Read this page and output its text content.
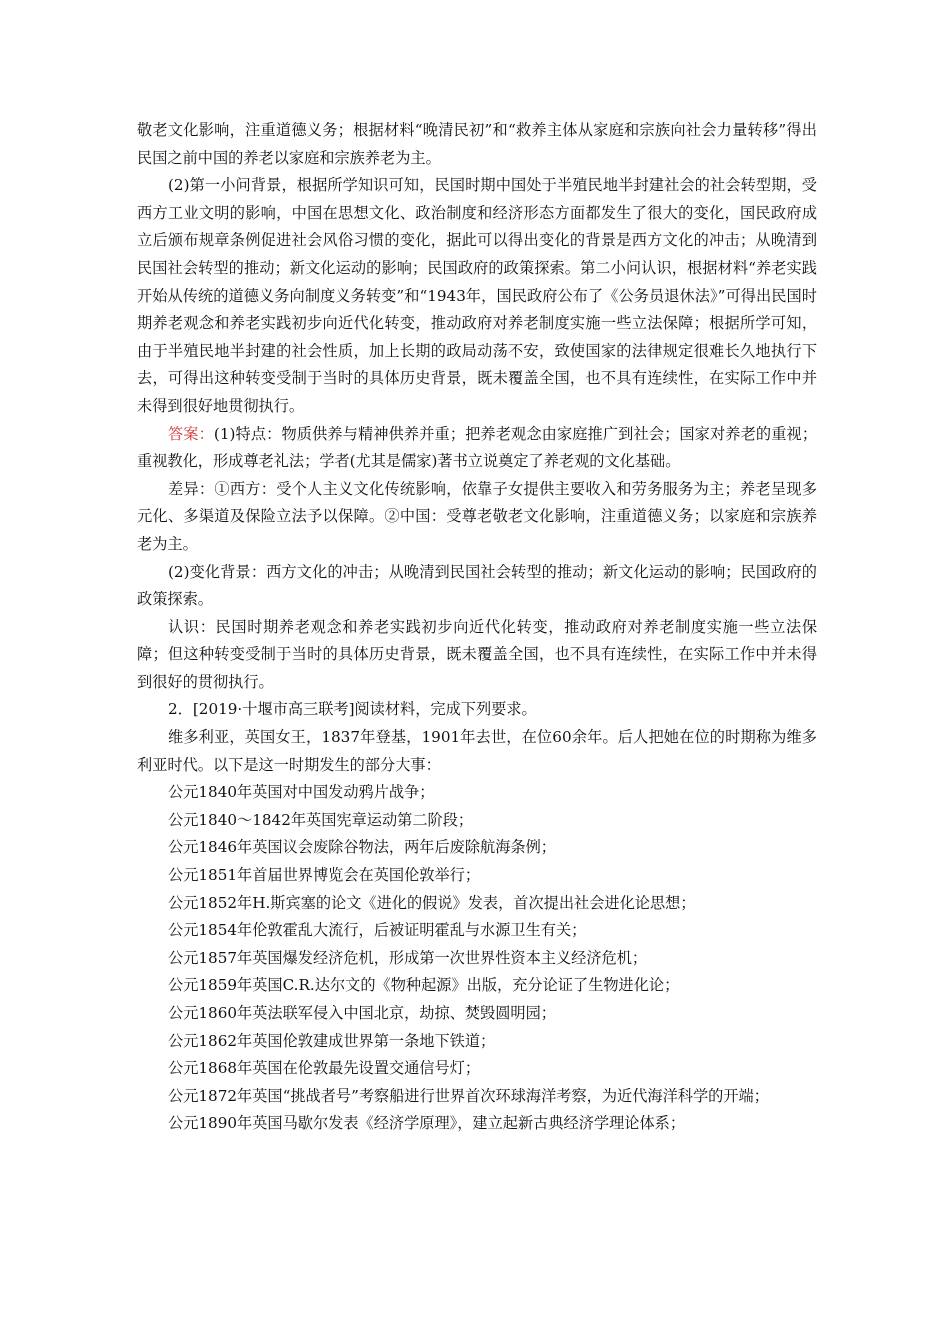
敬老文化影响，注重道德义务；根据材料“晚清民初”和“救养主体从家庭和宗族向社会力量转移”得出民国之前中国的养老以家庭和宗族养老为主。

(2)第一小问背景，根据所学知识可知，民国时期中国处于半殖民地半封建社会的社会转型期，受西方工业文明的影响，中国在思想文化、政治制度和经济形态方面都发生了很大的变化，国民政府成立后颁布规章条例促进社会风俗习惯的变化，据此可以得出变化的背景是西方文化的冲击；从晚清到民国社会转型的推动；新文化运动的影响；民国政府的政策探索。第二小问认识，根据材料“养老实践开始从传统的道德义务向制度义务转变”和“1943年，国民政府公布了《公务员退休法》”可得出民国时期养老观念和养老实践初步向近代化转变，推动政府对养老制度实施一些立法保障；根据所学可知，由于半殖民地半封建的社会性质，加上长期的政局动荡不安，致使国家的法律规定很难长久地执行下去，可得出这种转变受制于当时的具体历史背景，既未覆盖全国，也不具有连续性，在实际工作中并未得到很好地贯彻执行。

答案：(1)特点：物质供养与精神供养并重；把养老观念由家庭推广到社会；国家对养老的重视；重视教化，形成尊老礼法；学者(尤其是儒家)著书立说奠定了养老观的文化基础。

差异：①西方：受个人主义文化传统影响，依靠子女提供主要收入和劳务服务为主；养老呈现多元化、多渠道及保险立法予以保障。②中国：受尊老敬老文化影响，注重道德义务；以家庭和宗族养老为主。

(2)变化背景：西方文化的冲击；从晚清到民国社会转型的推动；新文化运动的影响；民国政府的政策探索。

认识：民国时期养老观念和养老实践初步向近代化转变，推动政府对养老制度实施一些立法保障；但这种转变受制于当时的具体历史背景，既未覆盖全国，也不具有连续性，在实际工作中并未得到很好的贯彻执行。

2．[2019·十堰市高三联考]阅读材料，完成下列要求。

维多利亚，英国女王，1837年登基，1901年去世，在位60余年。后人把她在位的时期称为维多利亚时代。以下是这一时期发生的部分大事：

公元1840年英国对中国发动鸦片战争；

公元1840～1842年英国宪章运动第二阶段；

公元1846年英国议会废除谷物法，两年后废除航海条例；

公元1851年首届世界博览会在英国伦敦举行；

公元1852年H.斯宾塞的论文《进化的假说》发表，首次提出社会进化论思想；

公元1854年伦敦霍乱大流行，后被证明霍乱与水源卫生有关；

公元1857年英国爆发经济危机，形成第一次世界性资本主义经济危机；

公元1859年英国C.R.达尔文的《物种起源》出版，充分论证了生物进化论；

公元1860年英法联军侵入中国北京，劫掠、焚毁圆明园；

公元1862年英国伦敦建成世界第一条地下铁道；

公元1868年英国在伦敦最先设置交通信号灯；

公元1872年英国“挑战者号”考察船进行世界首次环球海洋考察，为近代海洋科学的开端；

公元1890年英国马歇尔发表《经济学原理》，建立起新古典经济学理论体系；
